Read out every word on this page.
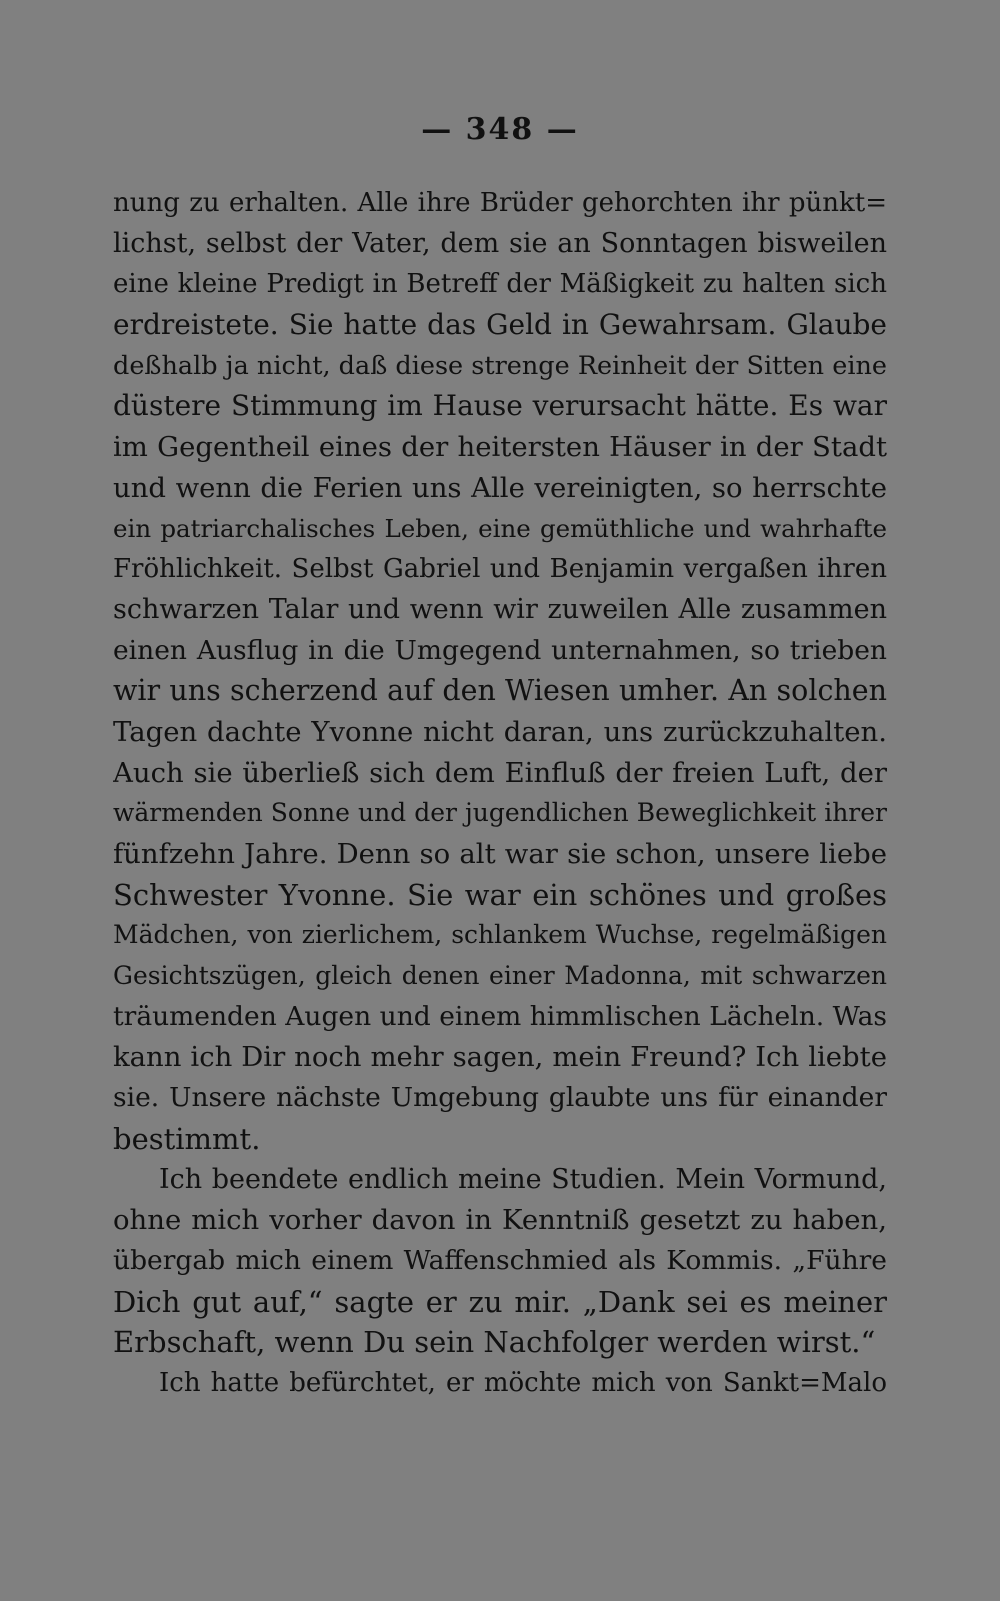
— 348 —
nung zu erhalten. Alle ihre Brüder gehorchten ihr pünkt=
lichst, selbst der Vater, dem sie an Sonntagen bisweilen
eine kleine Predigt in Betreff der Mäßigkeit zu halten sich
erdreistete. Sie hatte das Geld in Gewahrsam. Glaube
deßhalb ja nicht, daß diese strenge Reinheit der Sitten eine
düstere Stimmung im Hause verursacht hätte. Es war
im Gegentheil eines der heitersten Häuser in der Stadt
und wenn die Ferien uns Alle vereinigten, so herrschte
ein patriarchalisches Leben, eine gemüthliche und wahrhafte
Fröhlichkeit. Selbst Gabriel und Benjamin vergaßen ihren
schwarzen Talar und wenn wir zuweilen Alle zusammen
einen Ausflug in die Umgegend unternahmen, so trieben
wir uns scherzend auf den Wiesen umher. An solchen
Tagen dachte Yvonne nicht daran, uns zurückzuhalten.
Auch sie überließ sich dem Einfluß der freien Luft, der
wärmenden Sonne und der jugendlichen Beweglichkeit ihrer
fünfzehn Jahre. Denn so alt war sie schon, unsere liebe
Schwester Yvonne. Sie war ein schönes und großes
Mädchen, von zierlichem, schlankem Wuchse, regelmäßigen
Gesichtszügen, gleich denen einer Madonna, mit schwarzen
träumenden Augen und einem himmlischen Lächeln. Was
kann ich Dir noch mehr sagen, mein Freund? Ich liebte
sie. Unsere nächste Umgebung glaubte uns für einander
bestimmt.
Ich beendete endlich meine Studien. Mein Vormund,
ohne mich vorher davon in Kenntniß gesetzt zu haben,
übergab mich einem Waffenschmied als Kommis. „Führe
Dich gut auf,“ sagte er zu mir. „Dank sei es meiner
Erbschaft, wenn Du sein Nachfolger werden wirst.“
Ich hatte befürchtet, er möchte mich von Sankt=Malo
